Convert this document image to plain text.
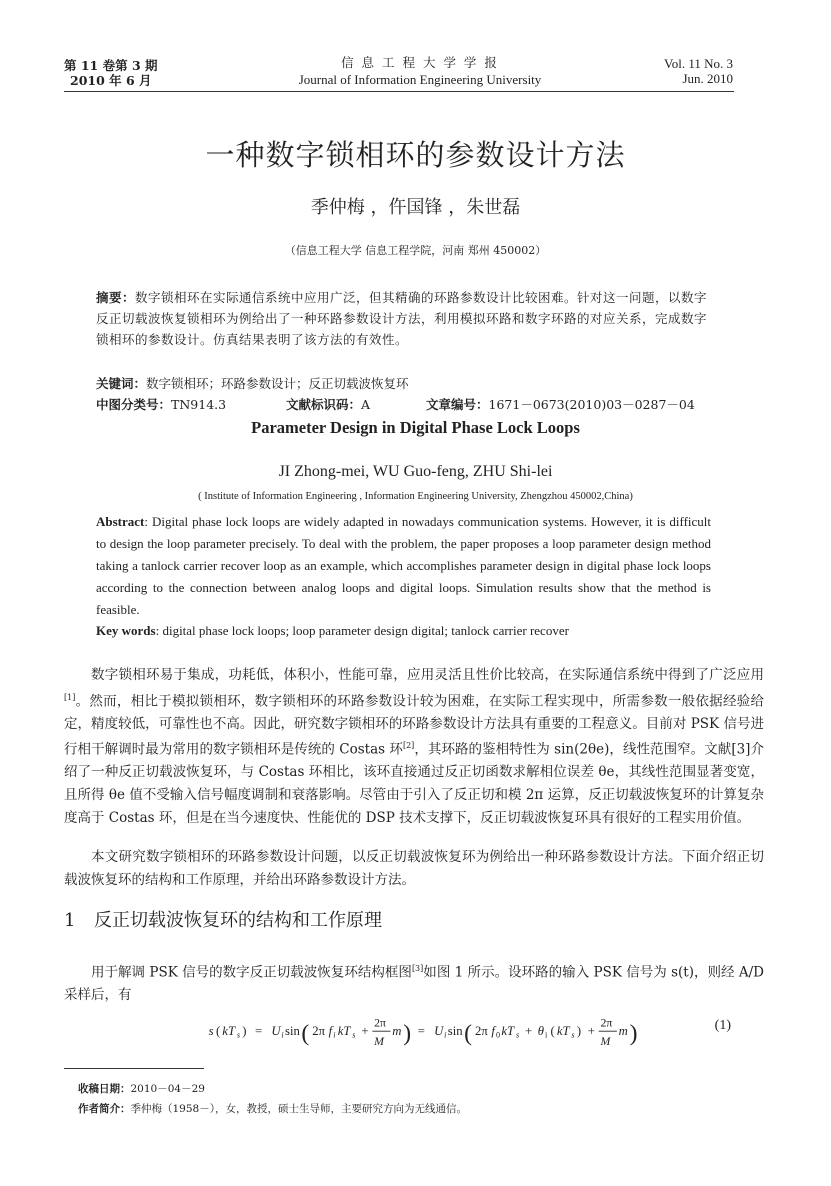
第 11 卷第 3 期
2010 年 6 月
信 息 工 程 大 学 学 报
Journal of Information Engineering University
Vol. 11 No. 3
Jun. 2010
一种数字锁相环的参数设计方法
季仲梅 ，仵国锋 ，朱世磊
（信息工程大学 信息工程学院，河南 郑州 450002）
摘要：数字锁相环在实际通信系统中应用广泛，但其精确的环路参数设计比较困难。针对这一问题，以数字反正切载波恢复锁相环为例给出了一种环路参数设计方法，利用模拟环路和数字环路的对应关系，完成数字锁相环的参数设计。仿真结果表明了该方法的有效性。
关键词：数字锁相环；环路参数设计；反正切载波恢复环
中图分类号：TN914.3	文献标识码：A	文章编号：1671－0673(2010)03－0287－04
Parameter Design in Digital Phase Lock Loops
JI Zhong-mei, WU Guo-feng, ZHU Shi-lei
( Institute of Information Engineering , Information Engineering University, Zhengzhou 450002,China)
Abstract: Digital phase lock loops are widely adapted in nowadays communication systems. However, it is difficult to design the loop parameter precisely. To deal with the problem, the paper proposes a loop parameter design method taking a tanlock carrier recover loop as an example, which accomplishes parameter design in digital phase lock loops according to the connection between analog loops and digital loops. Simulation results show that the method is feasible.
Key words: digital phase lock loops; loop parameter design digital; tanlock carrier recover
数字锁相环易于集成，功耗低，体积小，性能可靠，应用灵活且性价比较高，在实际通信系统中得到了广泛应用[1]。然而，相比于模拟锁相环，数字锁相环的环路参数设计较为困难，在实际工程实现中，所需参数一般依据经验给定，精度较低，可靠性也不高。因此，研究数字锁相环的环路参数设计方法具有重要的工程意义。目前对 PSK 信号进行相干解调时最为常用的数字锁相环是传统的 Costas 环[2]，其环路的鉴相特性为 sin(2θe)，线性范围窄。文献[3]介绍了一种反正切载波恢复环，与 Costas 环相比，该环直接通过反正切函数求解相位误差 θe，其线性范围显著变宽，且所得 θe 值不受输入信号幅度调制和衰落影响。尽管由于引入了反正切和模 2π 运算，反正切载波恢复环的计算复杂度高于 Costas 环，但是在当今速度快、性能优的 DSP 技术支撑下，反正切载波恢复环具有很好的工程实用价值。
本文研究数字锁相环的环路参数设计问题，以反正切载波恢复环为例给出一种环路参数设计方法。下面介绍正切载波恢复环的结构和工作原理，并给出环路参数设计方法。
1 反正切载波恢复环的结构和工作原理
用于解调 PSK 信号的数字反正切载波恢复环结构框图[3]如图 1 所示。设环路的输入 PSK 信号为 s(t)，则经 A/D 采样后，有
s ( kT s ) = U i sin ( 2π f i kT s +
2π
M
m ) = U i sin ( 2π f 0 kT s + θ i ( kT s ) +
2π
M
m )	(1)
收稿日期：2010－04－29
作者简介：季仲梅（1958－），女，教授，硕士生导师，主要研究方向为无线通信。
